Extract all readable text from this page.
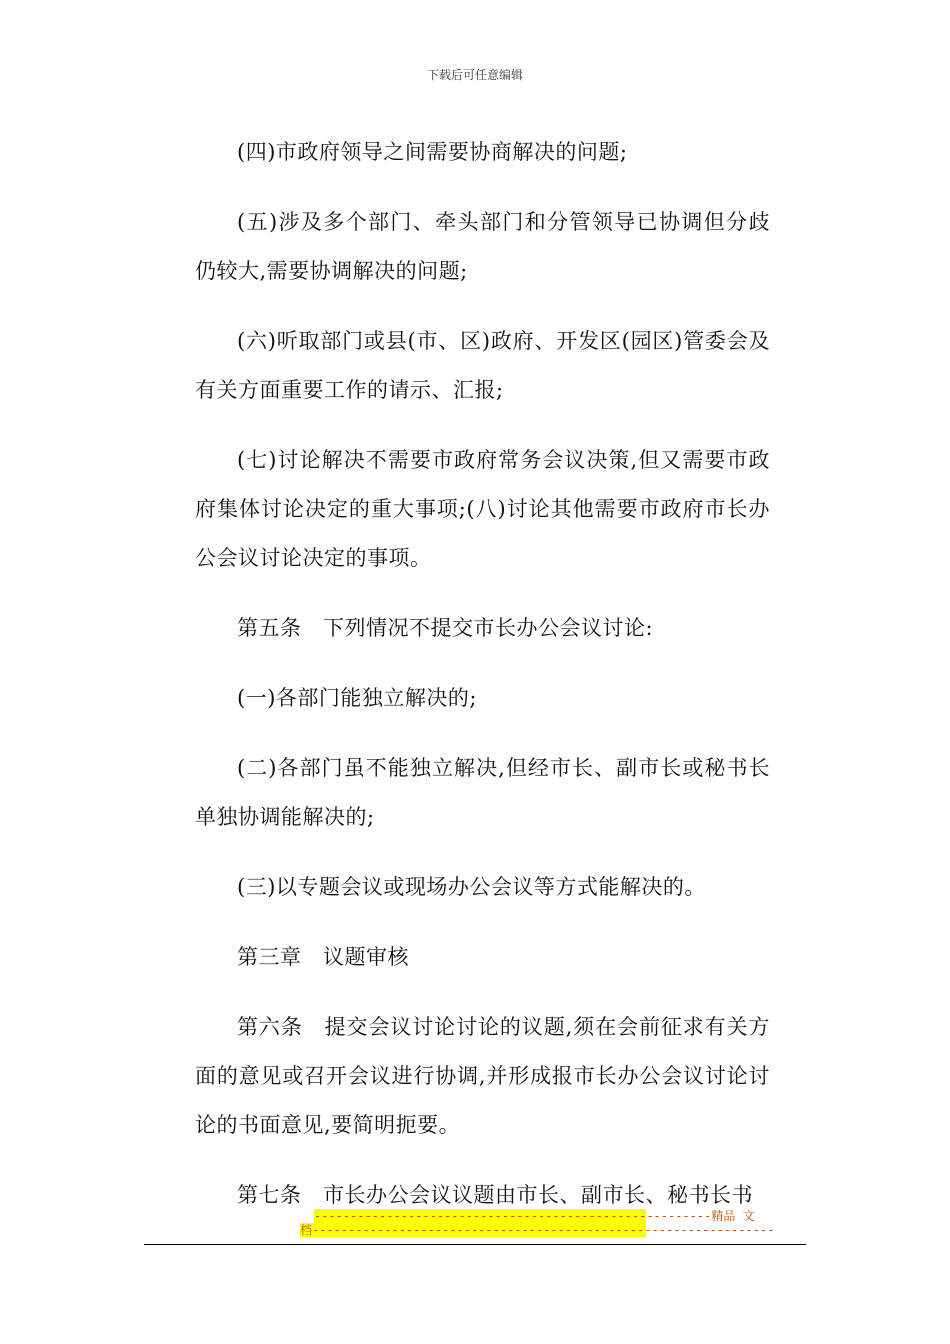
下载后可任意编辑

(四)市政府领导之间需要协商解决的问题;

(五)涉及多个部门、牵头部门和分管领导已协调但分歧仍较大,需要协调解决的问题;

(六)听取部门或县(市、区)政府、开发区(园区)管委会及有关方面重要工作的请示、汇报;

(七)讨论解决不需要市政府常务会议决策,但又需要市政府集体讨论决定的重大事项;(八)讨论其他需要市政府市长办公会议讨论决定的事项。

第五条　下列情况不提交市长办公会议讨论:

(一)各部门能独立解决的;

(二)各部门虽不能独立解决,但经市长、副市长或秘书长单独协调能解决的;

(三)以专题会议或现场办公会议等方式能解决的。

第三章　议题审核

第六条　提交会议讨论讨论的议题,须在会前征求有关方面的意见或召开会议进行协调,并形成报市长办公会议讨论讨论的书面意见,要简明扼要。

第七条　市长办公会议议题由市长、副市长、秘书长书

-------------------------------------------------------精品 文
档----------------------------------------------------------------
